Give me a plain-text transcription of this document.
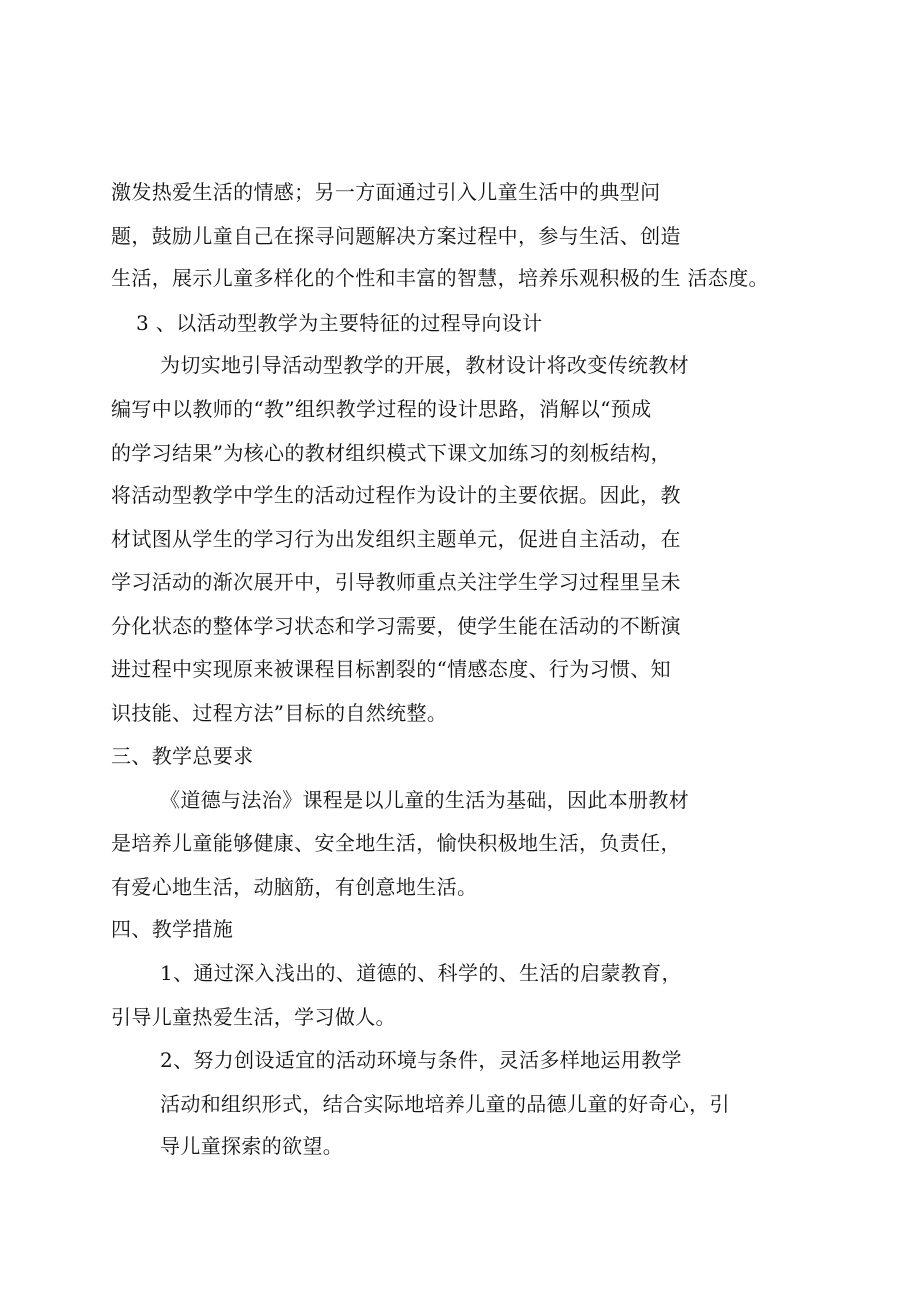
激发热爱生活的情感；另一方面通过引入儿童生活中的典型问
题，鼓励儿童自己在探寻问题解决方案过程中，参与生活、创造
生活，展示儿童多样化的个性和丰富的智慧，培养乐观积极的生 活态度。
3 、以活动型教学为主要特征的过程导向设计
为切实地引导活动型教学的开展，教材设计将改变传统教材
编写中以教师的“教”组织教学过程的设计思路，消解以“预成
的学习结果”为核心的教材组织模式下课文加练习的刻板结构，
将活动型教学中学生的活动过程作为设计的主要依据。因此，教
材试图从学生的学习行为出发组织主题单元，促进自主活动，在
学习活动的渐次展开中，引导教师重点关注学生学习过程里呈未
分化状态的整体学习状态和学习需要，使学生能在活动的不断演
进过程中实现原来被课程目标割裂的“情感态度、行为习惯、知
识技能、过程方法”目标的自然统整。
三、教学总要求
《道德与法治》课程是以儿童的生活为基础，因此本册教材
是培养儿童能够健康、安全地生活，愉快积极地生活，负责任，
有爱心地生活，动脑筋，有创意地生活。
四、教学措施
1、通过深入浅出的、道德的、科学的、生活的启蒙教育，
引导儿童热爱生活，学习做人。
2、努力创设适宜的活动环境与条件，灵活多样地运用教学
活动和组织形式，结合实际地培养儿童的品德儿童的好奇心，引
导儿童探索的欲望。
